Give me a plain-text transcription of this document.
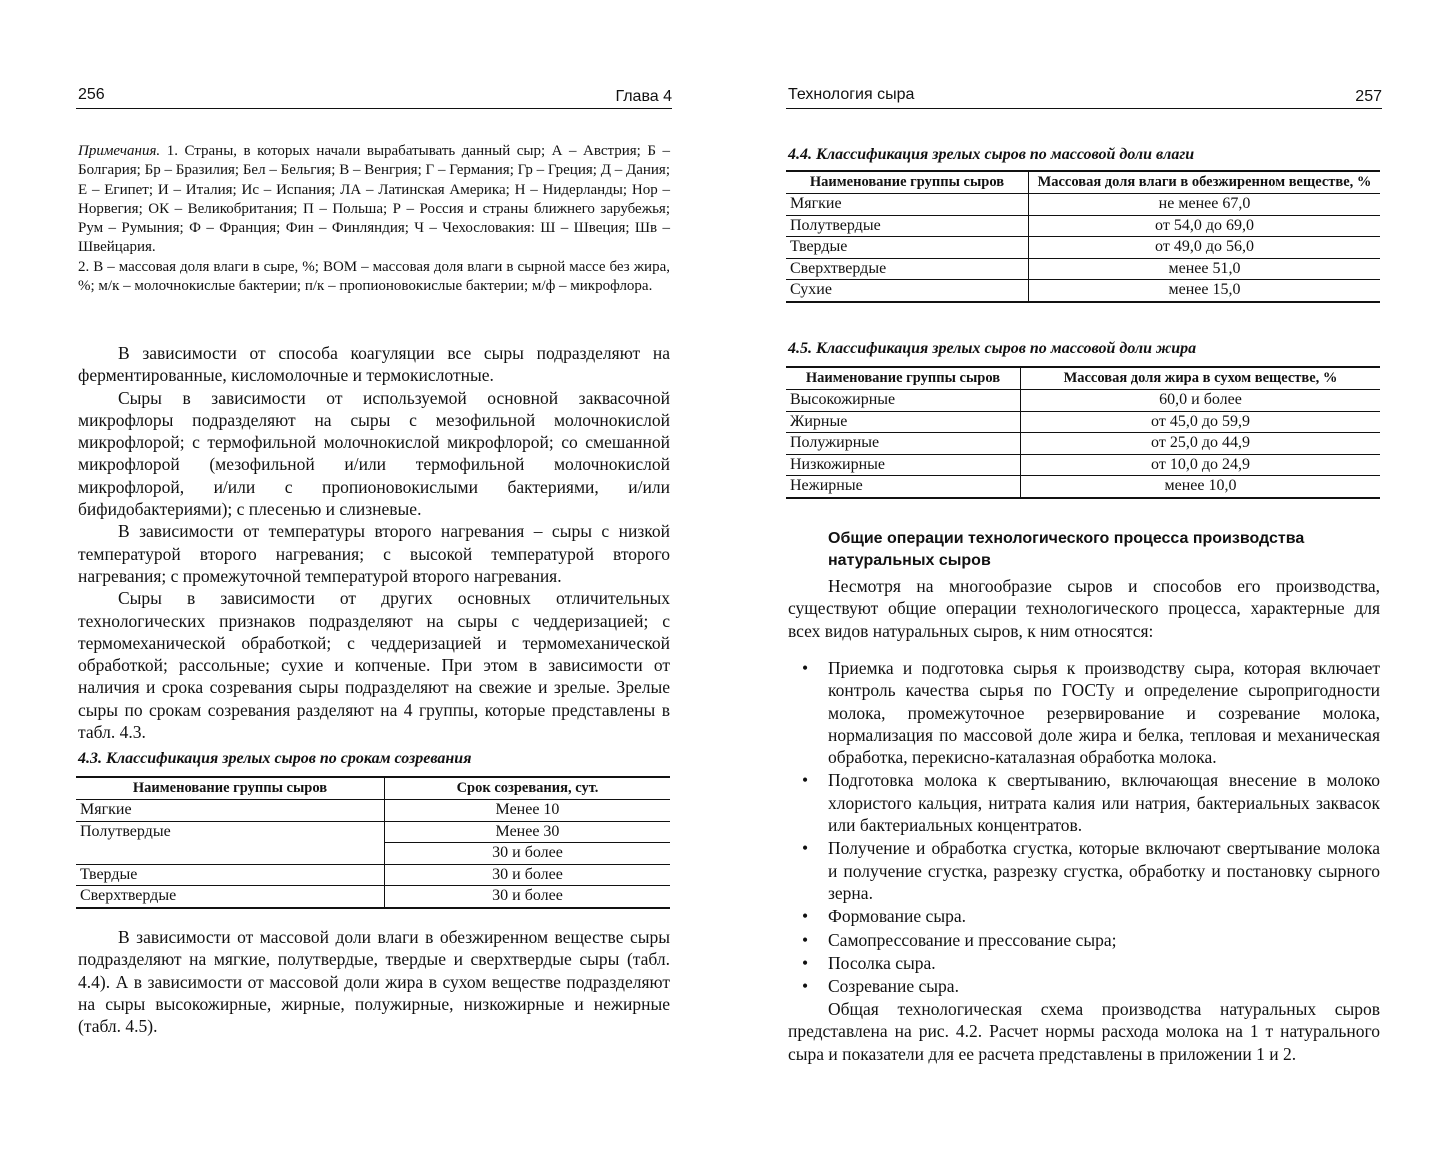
256	Глава 4
Примечания. 1. Страны, в которых начали вырабатывать данный сыр; А – Австрия; Б – Болгария; Бр – Бразилия; Бел – Бельгия; В – Венгрия; Г – Германия; Гр – Греция; Д – Дания; Е – Египет; И – Италия; Ис – Испания; ЛА – Латинская Америка; Н – Нидерланды; Нор – Норвегия; ОК – Великобритания; П – Польша; Р – Россия и страны ближнего зарубежья; Рум – Румыния; Ф – Франция; Фин – Финляндия; Ч – Чехословакия: Ш – Швеция; Шв – Швейцария.
2. В – массовая доля влаги в сыре, %; ВОМ – массовая доля влаги в сырной массе без жира, %; м/к – молочнокислые бактерии; п/к – пропионовокислые бактерии; м/ф – микрофлора.

В зависимости от способа коагуляции все сыры подразделяют на ферментированные, кисломолочные и термокислотные.

Сыры в зависимости от используемой основной заквасочной микрофлоры подразделяют на сыры с мезофильной молочнокислой микрофлорой; с термофильной молочнокислой микрофлорой; со смешанной микрофлорой (мезофильной и/или термофильной молочнокислой микрофлорой, и/или с пропионовокислыми бактериями, и/или бифидобактериями); с плесенью и слизневые.

В зависимости от температуры второго нагревания – сыры с низкой температурой второго нагревания; с высокой температурой второго нагревания; с промежуточной температурой второго нагревания.

Сыры в зависимости от других основных отличительных технологических признаков подразделяют на сыры с чеддеризацией; с термомеханической обработкой; с чеддеризацией и термомеханической обработкой; рассольные; сухие и копченые. При этом в зависимости от наличия и срока созревания сыры подразделяют на свежие и зрелые. Зрелые сыры по срокам созревания разделяют на 4 группы, которые представлены в табл. 4.3.

4.3. Классификация зрелых сыров по срокам созревания
Наименование группы сыров	Срок созревания, сут.
Мягкие	Менее 10
Полутвердые	Менее 30
	30 и более
Твердые	30 и более
Сверхтвердые	30 и более

В зависимости от массовой доли влаги в обезжиренном веществе сыры подразделяют на мягкие, полутвердые, твердые и сверхтвердые сыры (табл. 4.4). А в зависимости от массовой доли жира в сухом веществе подразделяют на сыры высокожирные, жирные, полужирные, низкожирные и нежирные (табл. 4.5).

Технология сыра	257
4.4. Классификация зрелых сыров по массовой доли влаги
Наименование группы сыров	Массовая доля влаги в обезжиренном веществе, %
Мягкие	не менее 67,0
Полутвердые	от 54,0 до 69,0
Твердые	от 49,0 до 56,0
Сверхтвердые	менее 51,0
Сухие	менее 15,0
4.5. Классификация зрелых сыров по массовой доли жира
Наименование группы сыров	Массовая доля жира в сухом веществе, %
Высокожирные	60,0 и более
Жирные	от 45,0 до 59,9
Полужирные	от 25,0 до 44,9
Низкожирные	от 10,0 до 24,9
Нежирные	менее 10,0
Общие операции технологического процесса производства натуральных сыров

Несмотря на многообразие сыров и способов его производства, существуют общие операции технологического процесса, характерные для всех видов натуральных сыров, к ним относятся:

• Приемка и подготовка сырья к производству сыра, которая включает контроль качества сырья по ГОСТу и определение сыропригодности молока, промежуточное резервирование и созревание молока, нормализация по массовой доле жира и белка, тепловая и механическая обработка, перекисно-каталазная обработка молока.
• Подготовка молока к свертыванию, включающая внесение в молоко хлористого кальция, нитрата калия или натрия, бактериальных заквасок или бактериальных концентратов.
• Получение и обработка сгустка, которые включают свертывание молока и получение сгустка, разрезку сгустка, обработку и постановку сырного зерна.
• Формование сыра.
• Самопрессование и прессование сыра;
• Посолка сыра.
• Созревание сыра.

Общая технологическая схема производства натуральных сыров представлена на рис. 4.2. Расчет нормы расхода молока на 1 т натурального сыра и показатели для ее расчета представлены в приложении 1 и 2.
